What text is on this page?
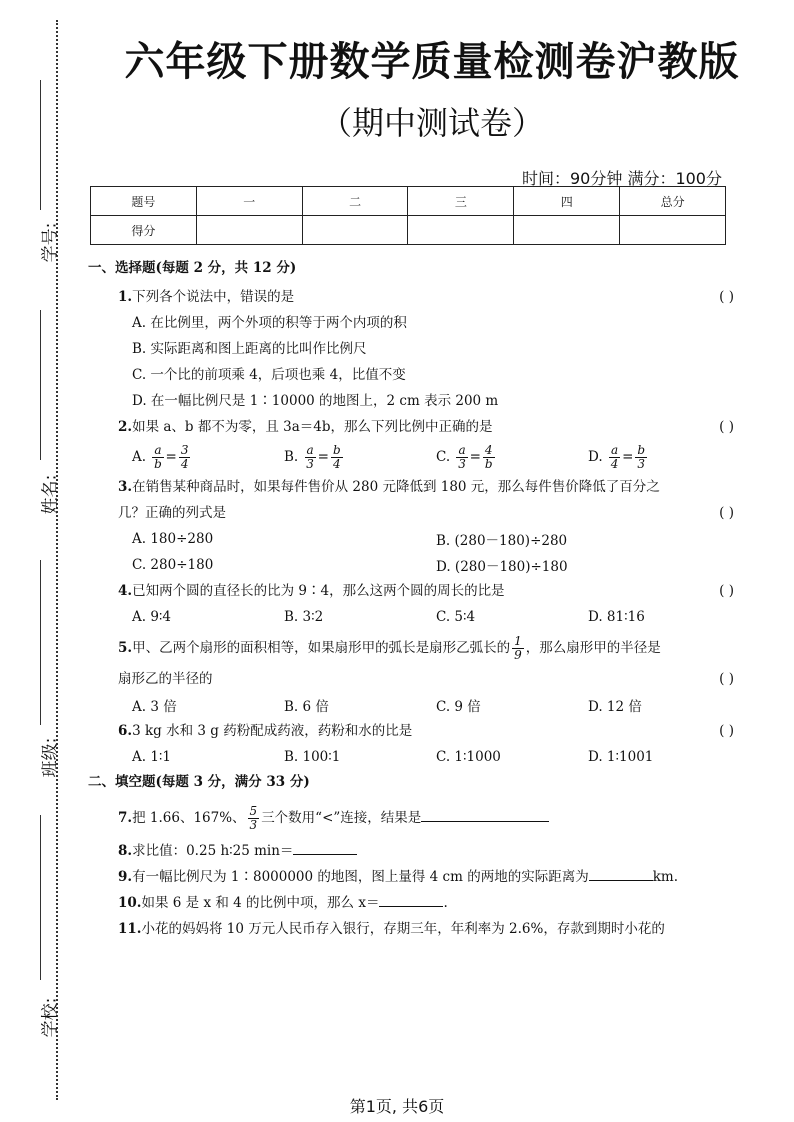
学号:
姓名:
班级:
学校:
六年级下册数学质量检测卷沪教版
（期中测试卷）
时间：90分钟 满分：100分
题号	一	二	三	四	总分
得分					
一、选择题(每题 2 分，共 12 分)
1.下列各个说法中，错误的是	( )
A. 在比例里，两个外项的积等于两个内项的积
B. 实际距离和图上距离的比叫作比例尺
C. 一个比的前项乘 4，后项也乘 4，比值不变
D. 在一幅比例尺是 1∶10000 的地图上，2 cm 表示 200 m
2.如果 a、b 都不为零，且 3a＝4b，那么下列比例中正确的是	( )
A. $\frac{a}{b} = \frac{3}{4}$	B. $\frac{a}{3} = \frac{b}{4}$	C. $\frac{a}{3} = \frac{4}{b}$	D. $\frac{a}{4} = \frac{b}{3}$
3.在销售某种商品时，如果每件售价从 280 元降低到 180 元，那么每件售价降低了百分之
几？正确的列式是	( )
A. 180÷280	B. (280－180)÷280
C. 280÷180	D. (280－180)÷180
4.已知两个圆的直径长的比为 9∶4，那么这两个圆的周长的比是	( )
A. 9∶4	B. 3∶2	C. 5∶4	D. 81∶16
5.甲、乙两个扇形的面积相等，如果扇形甲的弧长是扇形乙弧长的 $\frac{1}{9}$ ，那么扇形甲的半径是
扇形乙的半径的	( )
A. 3 倍	B. 6 倍	C. 9 倍	D. 12 倍
6.3 kg 水和 3 g 药粉配成药液，药粉和水的比是	( )
A. 1∶1	B. 100∶1	C. 1∶1000	D. 1∶1001
二、填空题(每题 3 分，满分 33 分)
7.把 1.66、167%、 $\frac{5}{3}$ 三个数用“<”连接，结果是
8.求比值：0.25 h∶25 min＝
9.有一幅比例尺为 1∶8000000 的地图，图上量得 4 cm 的两地的实际距离为	km.
10.如果 6 是 x 和 4 的比例中项，那么 x＝	.
11.小花的妈妈将 10 万元人民币存入银行，存期三年，年利率为 2.6%，存款到期时小花的
第1页, 共6页
